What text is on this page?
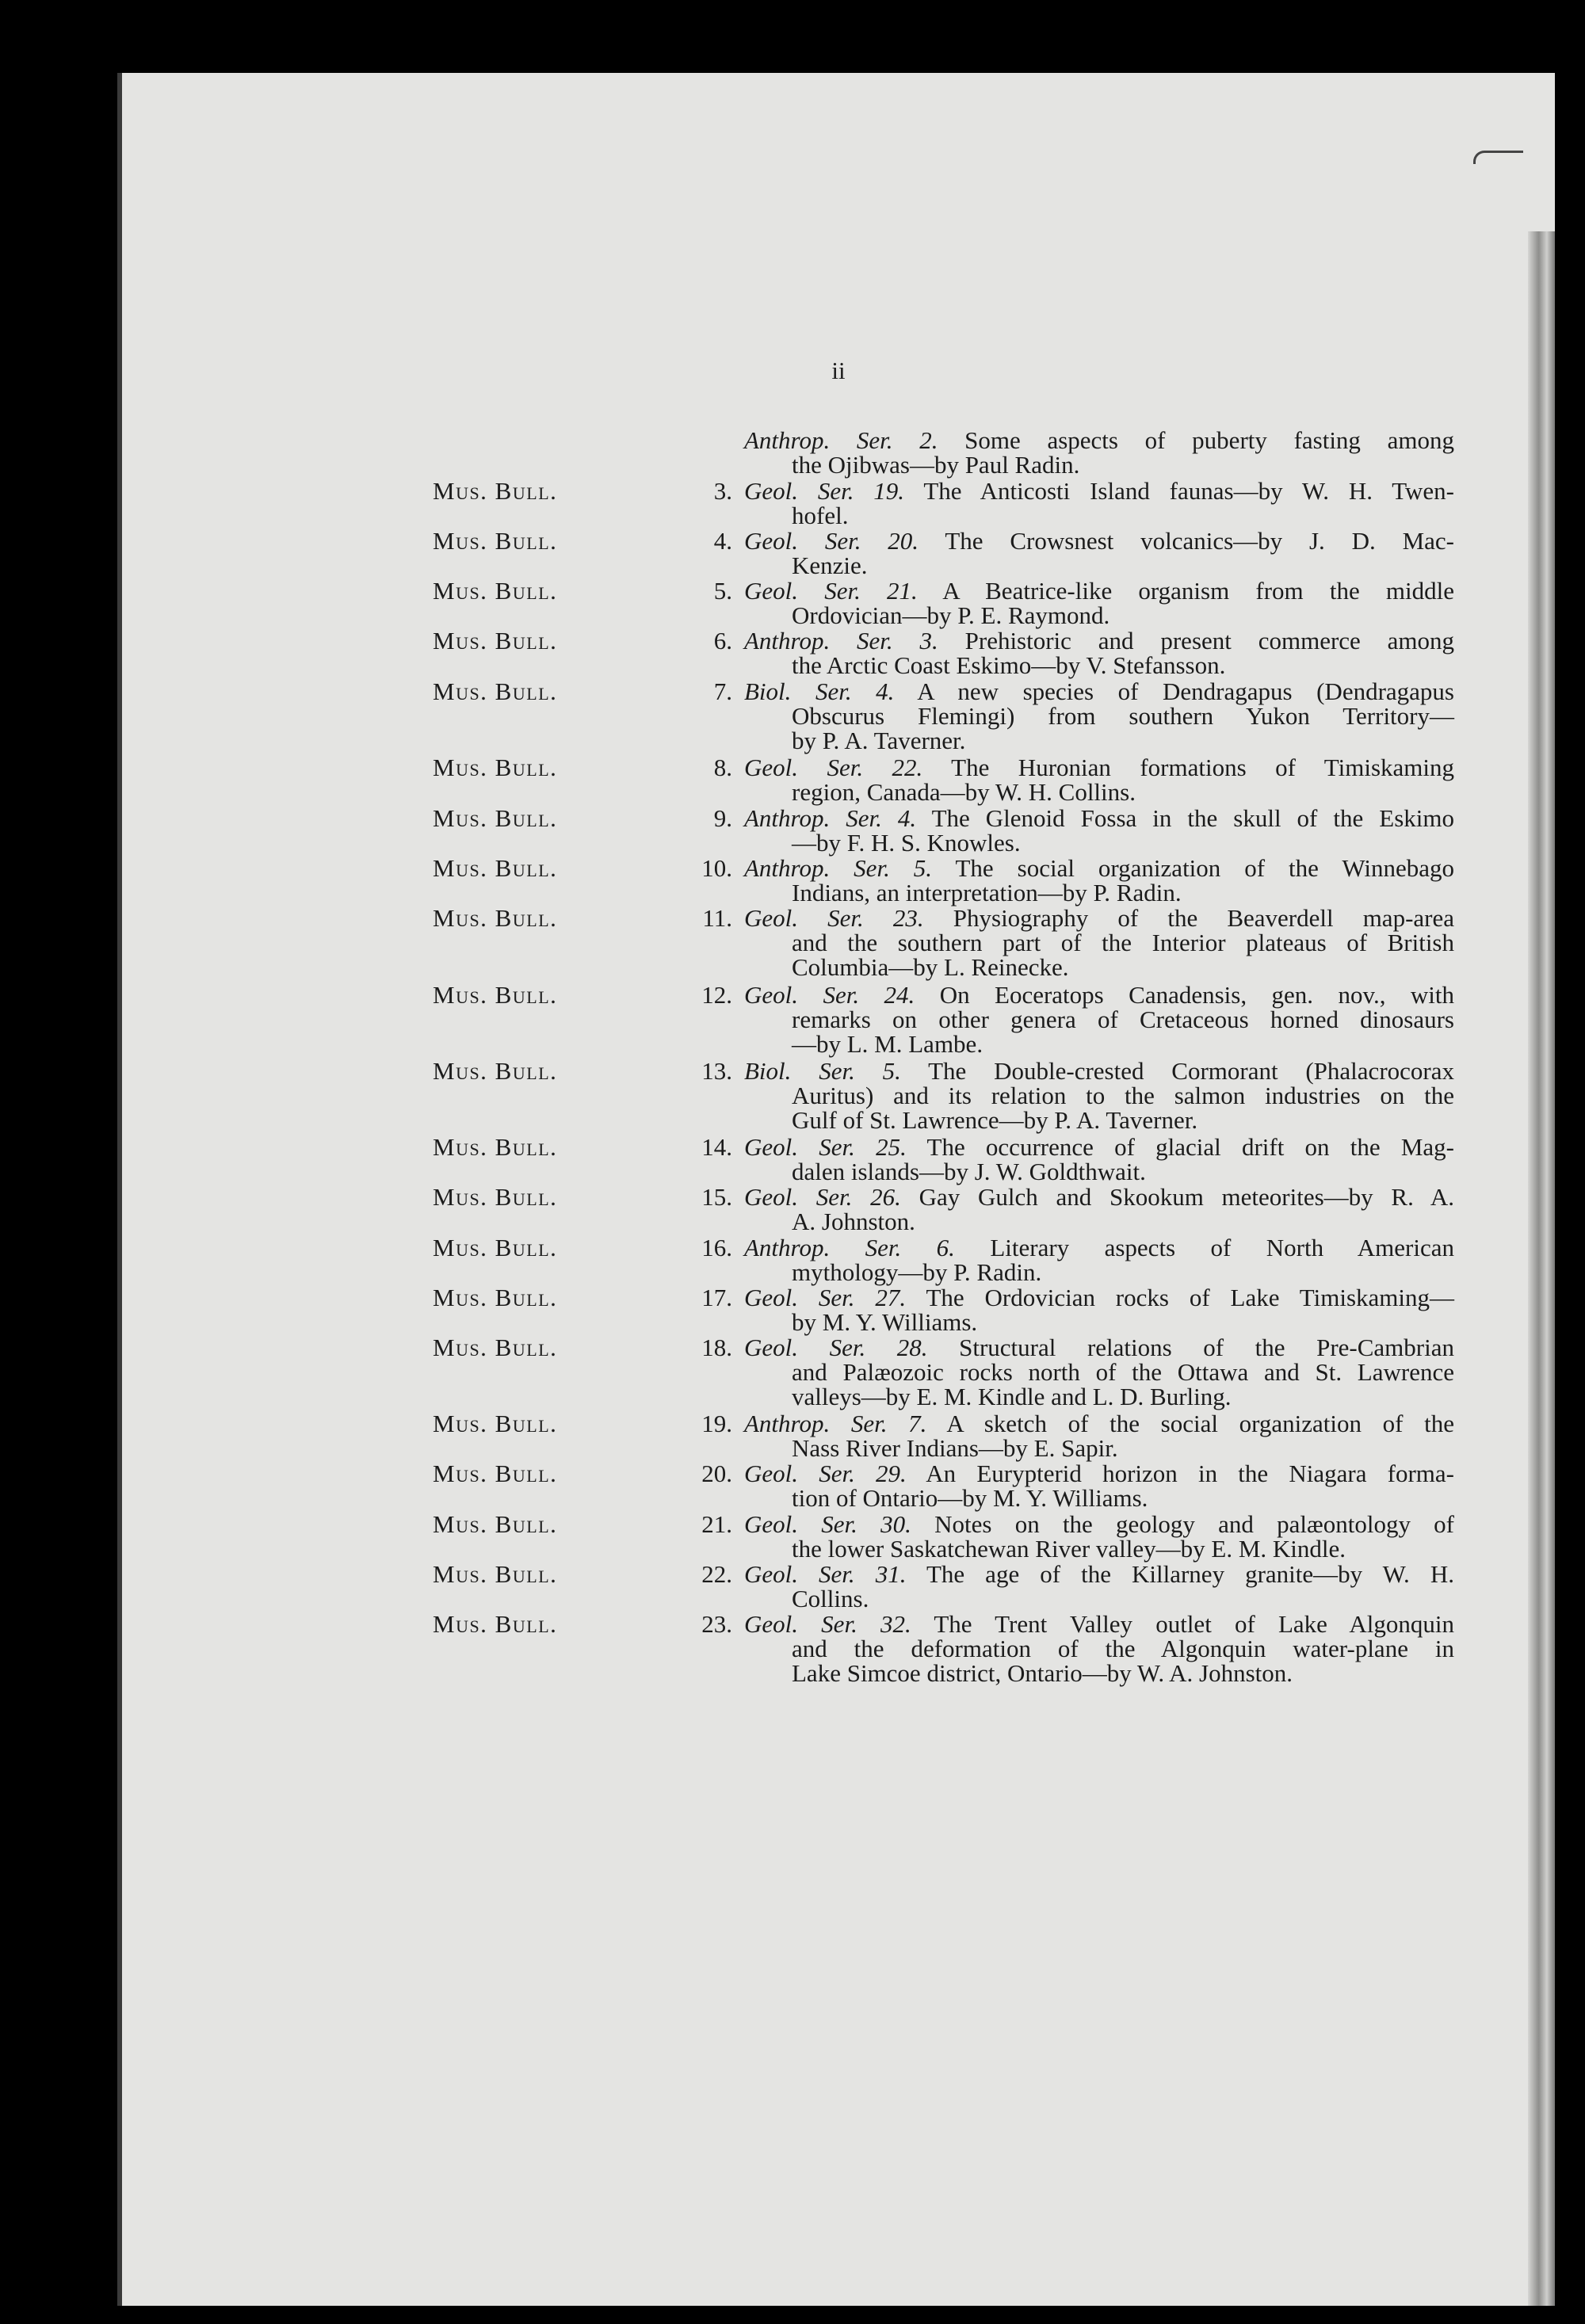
ii
Anthrop. Ser. 2. Some aspects of puberty fasting among
the Ojibwas—by Paul Radin.
Mus. Bull.	3. Geol. Ser. 19. The Anticosti Island faunas—by W. H. Twen-
hofel.
Mus. Bull.	4. Geol. Ser. 20. The Crowsnest volcanics—by J. D. Mac-
Kenzie.
Mus. Bull.	5. Geol. Ser. 21. A Beatrice-like organism from the middle
Ordovician—by P. E. Raymond.
Mus. Bull.	6. Anthrop. Ser. 3. Prehistoric and present commerce among
the Arctic Coast Eskimo—by V. Stefansson.
Mus. Bull.	7. Biol. Ser. 4. A new species of Dendragapus (Dendragapus
Obscurus Flemingi) from southern Yukon Territory—
by P. A. Taverner.
Mus. Bull.	8. Geol. Ser. 22. The Huronian formations of Timiskaming
region, Canada—by W. H. Collins.
Mus. Bull.	9. Anthrop. Ser. 4. The Glenoid Fossa in the skull of the Eskimo
—by F. H. S. Knowles.
Mus. Bull.	10. Anthrop. Ser. 5. The social organization of the Winnebago
Indians, an interpretation—by P. Radin.
Mus. Bull.	11. Geol. Ser. 23. Physiography of the Beaverdell map-area
and the southern part of the Interior plateaus of British
Columbia—by L. Reinecke.
Mus. Bull.	12. Geol. Ser. 24. On Eoceratops Canadensis, gen. nov., with
remarks on other genera of Cretaceous horned dinosaurs
—by L. M. Lambe.
Mus. Bull.	13. Biol. Ser. 5. The Double-crested Cormorant (Phalacrocorax
Auritus) and its relation to the salmon industries on the
Gulf of St. Lawrence—by P. A. Taverner.
Mus. Bull.	14. Geol. Ser. 25. The occurrence of glacial drift on the Mag-
dalen islands—by J. W. Goldthwait.
Mus. Bull.	15. Geol. Ser. 26. Gay Gulch and Skookum meteorites—by R. A.
A. Johnston.
Mus. Bull.	16. Anthrop. Ser. 6. Literary aspects of North American
mythology—by P. Radin.
Mus. Bull.	17. Geol. Ser. 27. The Ordovician rocks of Lake Timiskaming—
by M. Y. Williams.
Mus. Bull.	18. Geol. Ser. 28. Structural relations of the Pre-Cambrian
and Palæozoic rocks north of the Ottawa and St. Lawrence
valleys—by E. M. Kindle and L. D. Burling.
Mus. Bull.	19. Anthrop. Ser. 7. A sketch of the social organization of the
Nass River Indians—by E. Sapir.
Mus. Bull.	20. Geol. Ser. 29. An Eurypterid horizon in the Niagara forma-
tion of Ontario—by M. Y. Williams.
Mus. Bull.	21. Geol. Ser. 30. Notes on the geology and palæontology of
the lower Saskatchewan River valley—by E. M. Kindle.
Mus. Bull.	22. Geol. Ser. 31. The age of the Killarney granite—by W. H.
Collins.
Mus. Bull.	23. Geol. Ser. 32. The Trent Valley outlet of Lake Algonquin
and the deformation of the Algonquin water-plane in
Lake Simcoe district, Ontario—by W. A. Johnston.
